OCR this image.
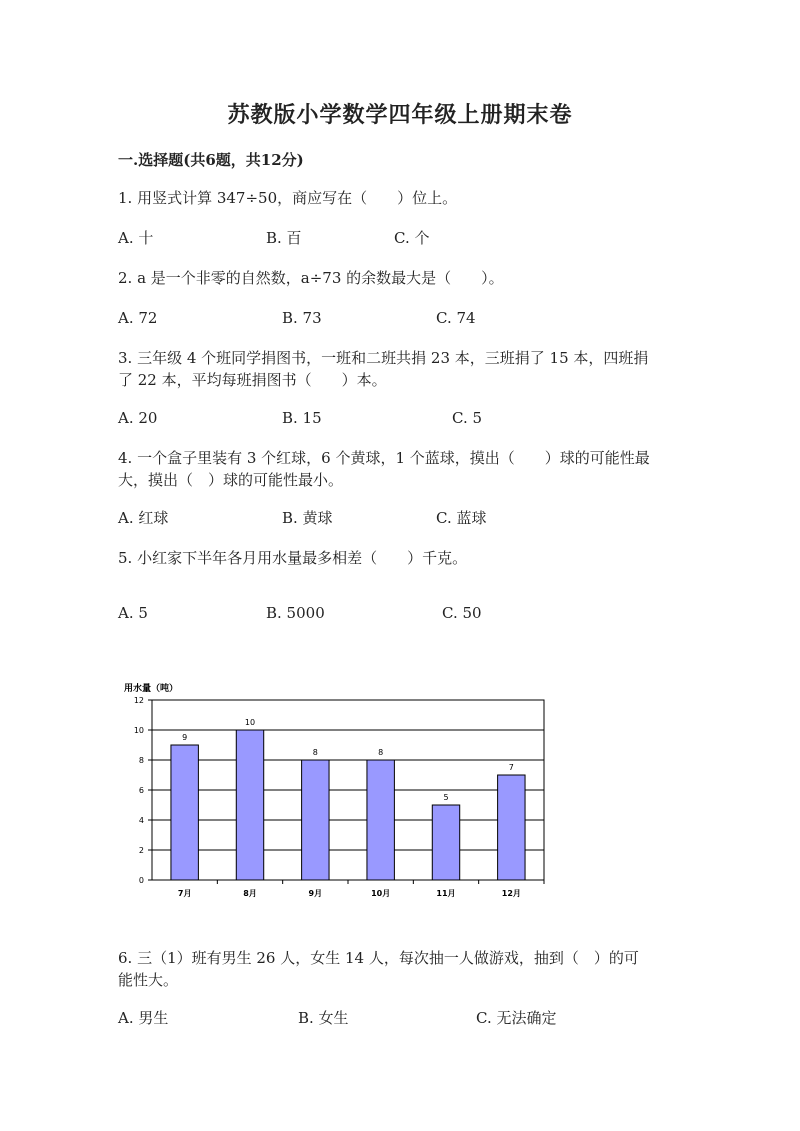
苏教版小学数学四年级上册期末卷
一.选择题(共6题，共12分)
1. 用竖式计算 347÷50，商应写在（　　）位上。
A. 十	B. 百	C. 个
2. a 是一个非零的自然数，a÷73 的余数最大是（　　）。
A. 72	B. 73	C. 74
3. 三年级 4 个班同学捐图书，一班和二班共捐 23 本，三班捐了 15 本，四班捐
了 22 本，平均每班捐图书（　　）本。
A. 20	B. 15	C. 5
4. 一个盒子里装有 3 个红球，6 个黄球，1 个蓝球，摸出（　　）球的可能性最
大，摸出（　）球的可能性最小。
A. 红球	B. 黄球	C. 蓝球
5. 小红家下半年各月用水量最多相差（　　）千克。
A. 5	B. 5000	C. 50
用水量（吨）
0
2
4
6
8
10
12
9
7月
10
8月
8
9月
8
10月
5
11月
7
12月
6. 三（1）班有男生 26 人，女生 14 人，每次抽一人做游戏，抽到（　）的可
能性大。
A. 男生	B. 女生	C. 无法确定
